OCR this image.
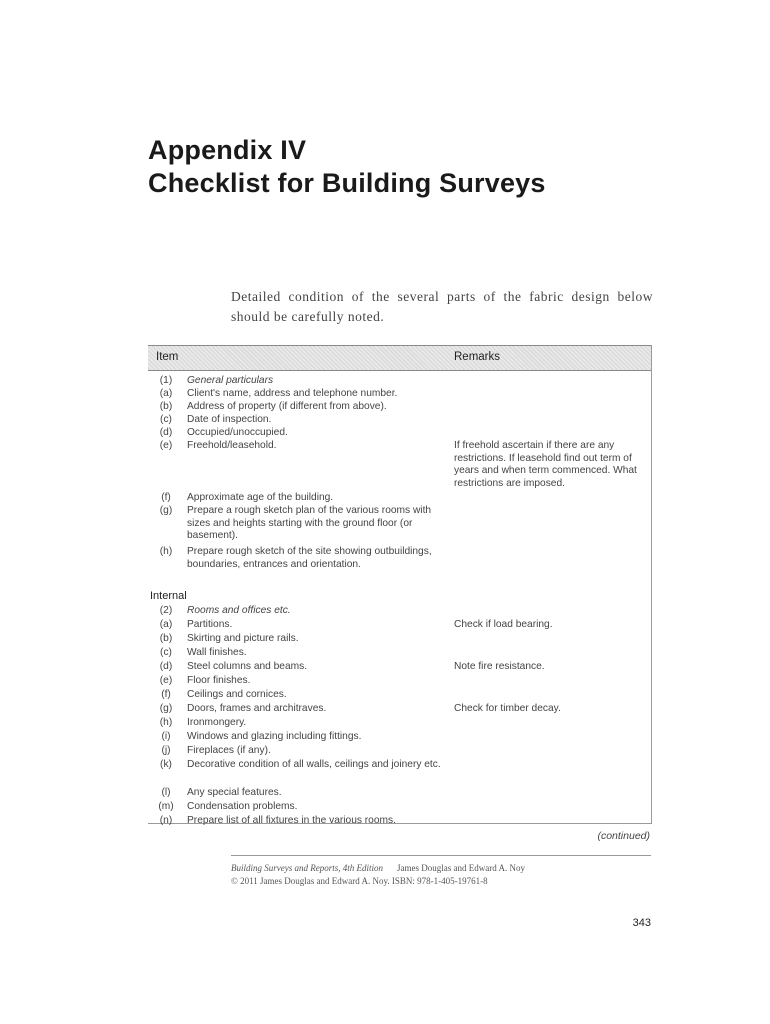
Appendix IV
Checklist for Building Surveys
Detailed condition of the several parts of the fabric design below should be carefully noted.
Item	Remarks
(1)	General particulars
(a)	Client's name, address and telephone number.
(b)	Address of property (if different from above).
(c)	Date of inspection.
(d)	Occupied/unoccupied.
(e)	Freehold/leasehold.	If freehold ascertain if there are any restrictions. If leasehold find out term of years and when term commenced. What restrictions are imposed.
(f)	Approximate age of the building.
(g)	Prepare a rough sketch plan of the various rooms with sizes and heights starting with the ground floor (or basement).
(h)	Prepare rough sketch of the site showing outbuildings, boundaries, entrances and orientation.
Internal
(2)	Rooms and offices etc.
(a)	Partitions.	Check if load bearing.
(b)	Skirting and picture rails.
(c)	Wall finishes.
(d)	Steel columns and beams.	Note fire resistance.
(e)	Floor finishes.
(f)	Ceilings and cornices.
(g)	Doors, frames and architraves.	Check for timber decay.
(h)	Ironmongery.
(i)	Windows and glazing including fittings.
(j)	Fireplaces (if any).
(k)	Decorative condition of all walls, ceilings and joinery etc.
(l)	Any special features.
(m)	Condensation problems.
(n)	Prepare list of all fixtures in the various rooms.
(continued)
Building Surveys and Reports, 4th Edition James Douglas and Edward A. Noy
© 2011 James Douglas and Edward A. Noy. ISBN: 978-1-405-19761-8
343
